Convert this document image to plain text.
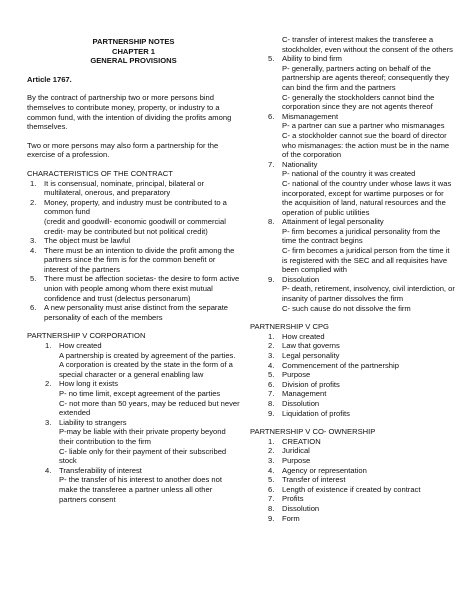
PARTNERSHIP NOTES

CHAPTER 1

GENERAL PROVISIONS

Article 1767.

By the contract of partnership two or more persons bind themselves to contribute money, property, or industry to a common fund, with the intention of dividing the profits among themselves.

Two or more persons may also form a partnership for the exercise of a profession.

CHARACTERISTICS OF THE CONTRACT

1. It is consensual, nominate, principal, bilateral or multilateral, onerous, and preparatory

2. Money, property, and industry must be contributed to a common fund

(credit and goodwill- economic goodwill or commercial credit- may be contributed but not political credit)

3. The object must be lawful

4. There must be an intention to divide the profit among the partners since the firm is for the common benefit or interest of the partners

5. There must be affection societas- the desire to form active union with people among whom there exist mutual confidence and trust (delectus personarum)

6. A new personality must arise distinct from the separate personality of each of the members

PARTNERSHIP V CORPORATION

1. How created

A partnership is created by agreement of the parties.

A corporation is created by the state in the form of a special character or a general enabling law

2. How long it exists

P- no time limit, except agreement of the parties

C- not more than 50 years, may be reduced but never extended

3. Liability to strangers

P-may be liable with their private property beyond their contribution to the firm

C- liable only for their payment of their subscribed stock

4. Transferability of interest

P- the transfer of his interest to another does not make the transferee a partner unless all other partners consent

C- transfer of interest makes the transferee a stockholder, even without the consent of the others

5. Ability to bind firm

P- generally, partners acting on behalf of the partnership are agents thereof; consequently they can bind the firm and the partners

C- generally the stockholders cannot bind the corporation since they are not agents thereof

6. Mismanagement

P- a partner can sue a partner who mismanages

C- a stockholder cannot sue the board of director who mismanages: the action must be in the name of the corporation

7. Nationality

P- national of the country it was created

C- national of the country under whose laws it was incorporated, except for wartime purposes or for the acquisition of land, natural resources and the operation of public utilities

8. Attainment of legal personality

P- firm becomes a juridical personality from the time the contract begins

C- firm becomes a juridical person from the time it is registered with the SEC and all requisites have been complied with

9. Dissolution

P- death, retirement, insolvency, civil interdiction, or insanity of partner dissolves the firm

C- such cause do not dissolve the firm

PARTNERSHIP V CPG

1. How created

2. Law that governs

3. Legal personality

4. Commencement of the partnership

5. Purpose

6. Division of profits

7. Management

8. Dissolution

9. Liquidation of profits

PARTNERSHIP V CO- OWNERSHIP

1. CREATION

2. Juridical

3. Purpose

4. Agency or representation

5. Transfer of interest

6. Length of existence if created by contract

7. Profits

8. Dissolution

9. Form
